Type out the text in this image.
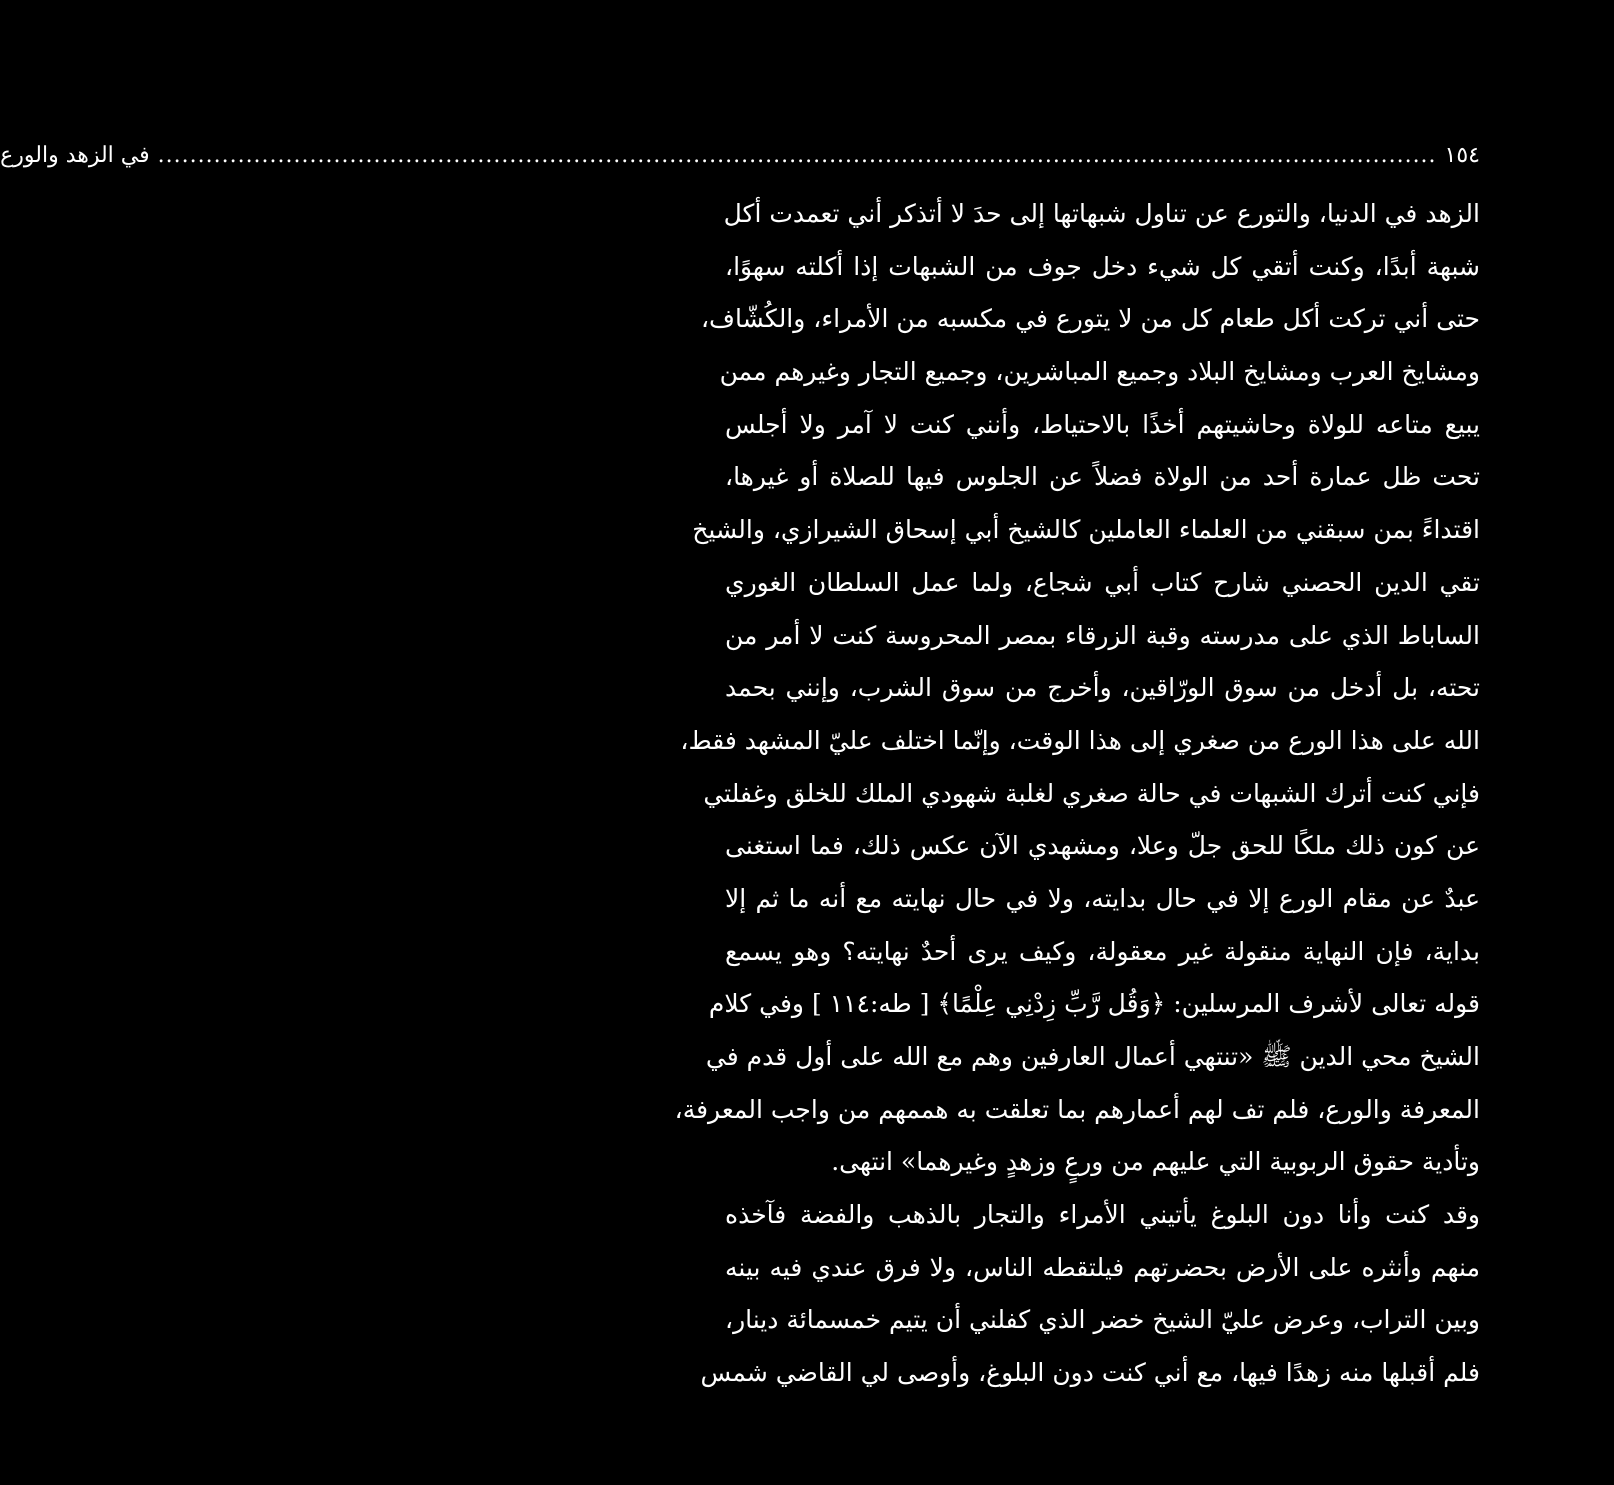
١٥٤
................................................................................................................................................................
في الزهد والورع
الزهد في الدنيا، والتورع عن تناول شبهاتها إلى حدَ لا أتذكر أني تعمدت أكل
شبهة أبدًا، وكنت أتقي كل شيء دخل جوف من الشبهات إذا أكلته سهوًا،
حتى أني تركت أكل طعام كل من لا يتورع في مكسبه من الأمراء، والكُشّاف،
ومشايخ العرب ومشايخ البلاد وجميع المباشرين، وجميع التجار وغيرهم ممن
يبيع متاعه للولاة وحاشيتهم أخذًا بالاحتياط، وأنني كنت لا آمر ولا أجلس
تحت ظل عمارة أحد من الولاة فضلاً عن الجلوس فيها للصلاة أو غيرها،
اقتداءً بمن سبقني من العلماء العاملين كالشيخ أبي إسحاق الشيرازي، والشيخ
تقي الدين الحصني شارح كتاب أبي شجاع، ولما عمل السلطان الغوري
الساباط الذي على مدرسته وقبة الزرقاء بمصر المحروسة كنت لا أمر من
تحته، بل أدخل من سوق الورّاقين، وأخرج من سوق الشرب، وإنني بحمد
الله على هذا الورع من صغري إلى هذا الوقت، وإنّما اختلف عليّ المشهد فقط،
فإني كنت أترك الشبهات في حالة صغري لغلبة شهودي الملك للخلق وغفلتي
عن كون ذلك ملكًا للحق جلّ وعلا، ومشهدي الآن عكس ذلك، فما استغنى
عبدٌ عن مقام الورع إلا في حال بدايته، ولا في حال نهايته مع أنه ما ثم إلا
بداية، فإن النهاية منقولة غير معقولة، وكيف يرى أحدٌ نهايته؟ وهو يسمع
قوله تعالى لأشرف المرسلين: ﴿وَقُل رَّبِّ زِدْنِي عِلْمًا﴾ [ طه:١١٤ ] وفي كلام
الشيخ محي الدين ﷺ «تنتهي أعمال العارفين وهم مع الله على أول قدم في
المعرفة والورع، فلم تف لهم أعمارهم بما تعلقت به هممهم من واجب المعرفة،
وتأدية حقوق الربوبية التي عليهم من ورعٍ وزهدٍ وغيرهما» انتهى.
وقد كنت وأنا دون البلوغ يأتيني الأمراء والتجار بالذهب والفضة فآخذه
منهم وأنثره على الأرض بحضرتهم فيلتقطه الناس، ولا فرق عندي فيه بينه
وبين التراب، وعرض عليّ الشيخ خضر الذي كفلني أن يتيم خمسمائة دينار،
فلم أقبلها منه زهدًا فيها، مع أني كنت دون البلوغ، وأوصى لي القاضي شمس
